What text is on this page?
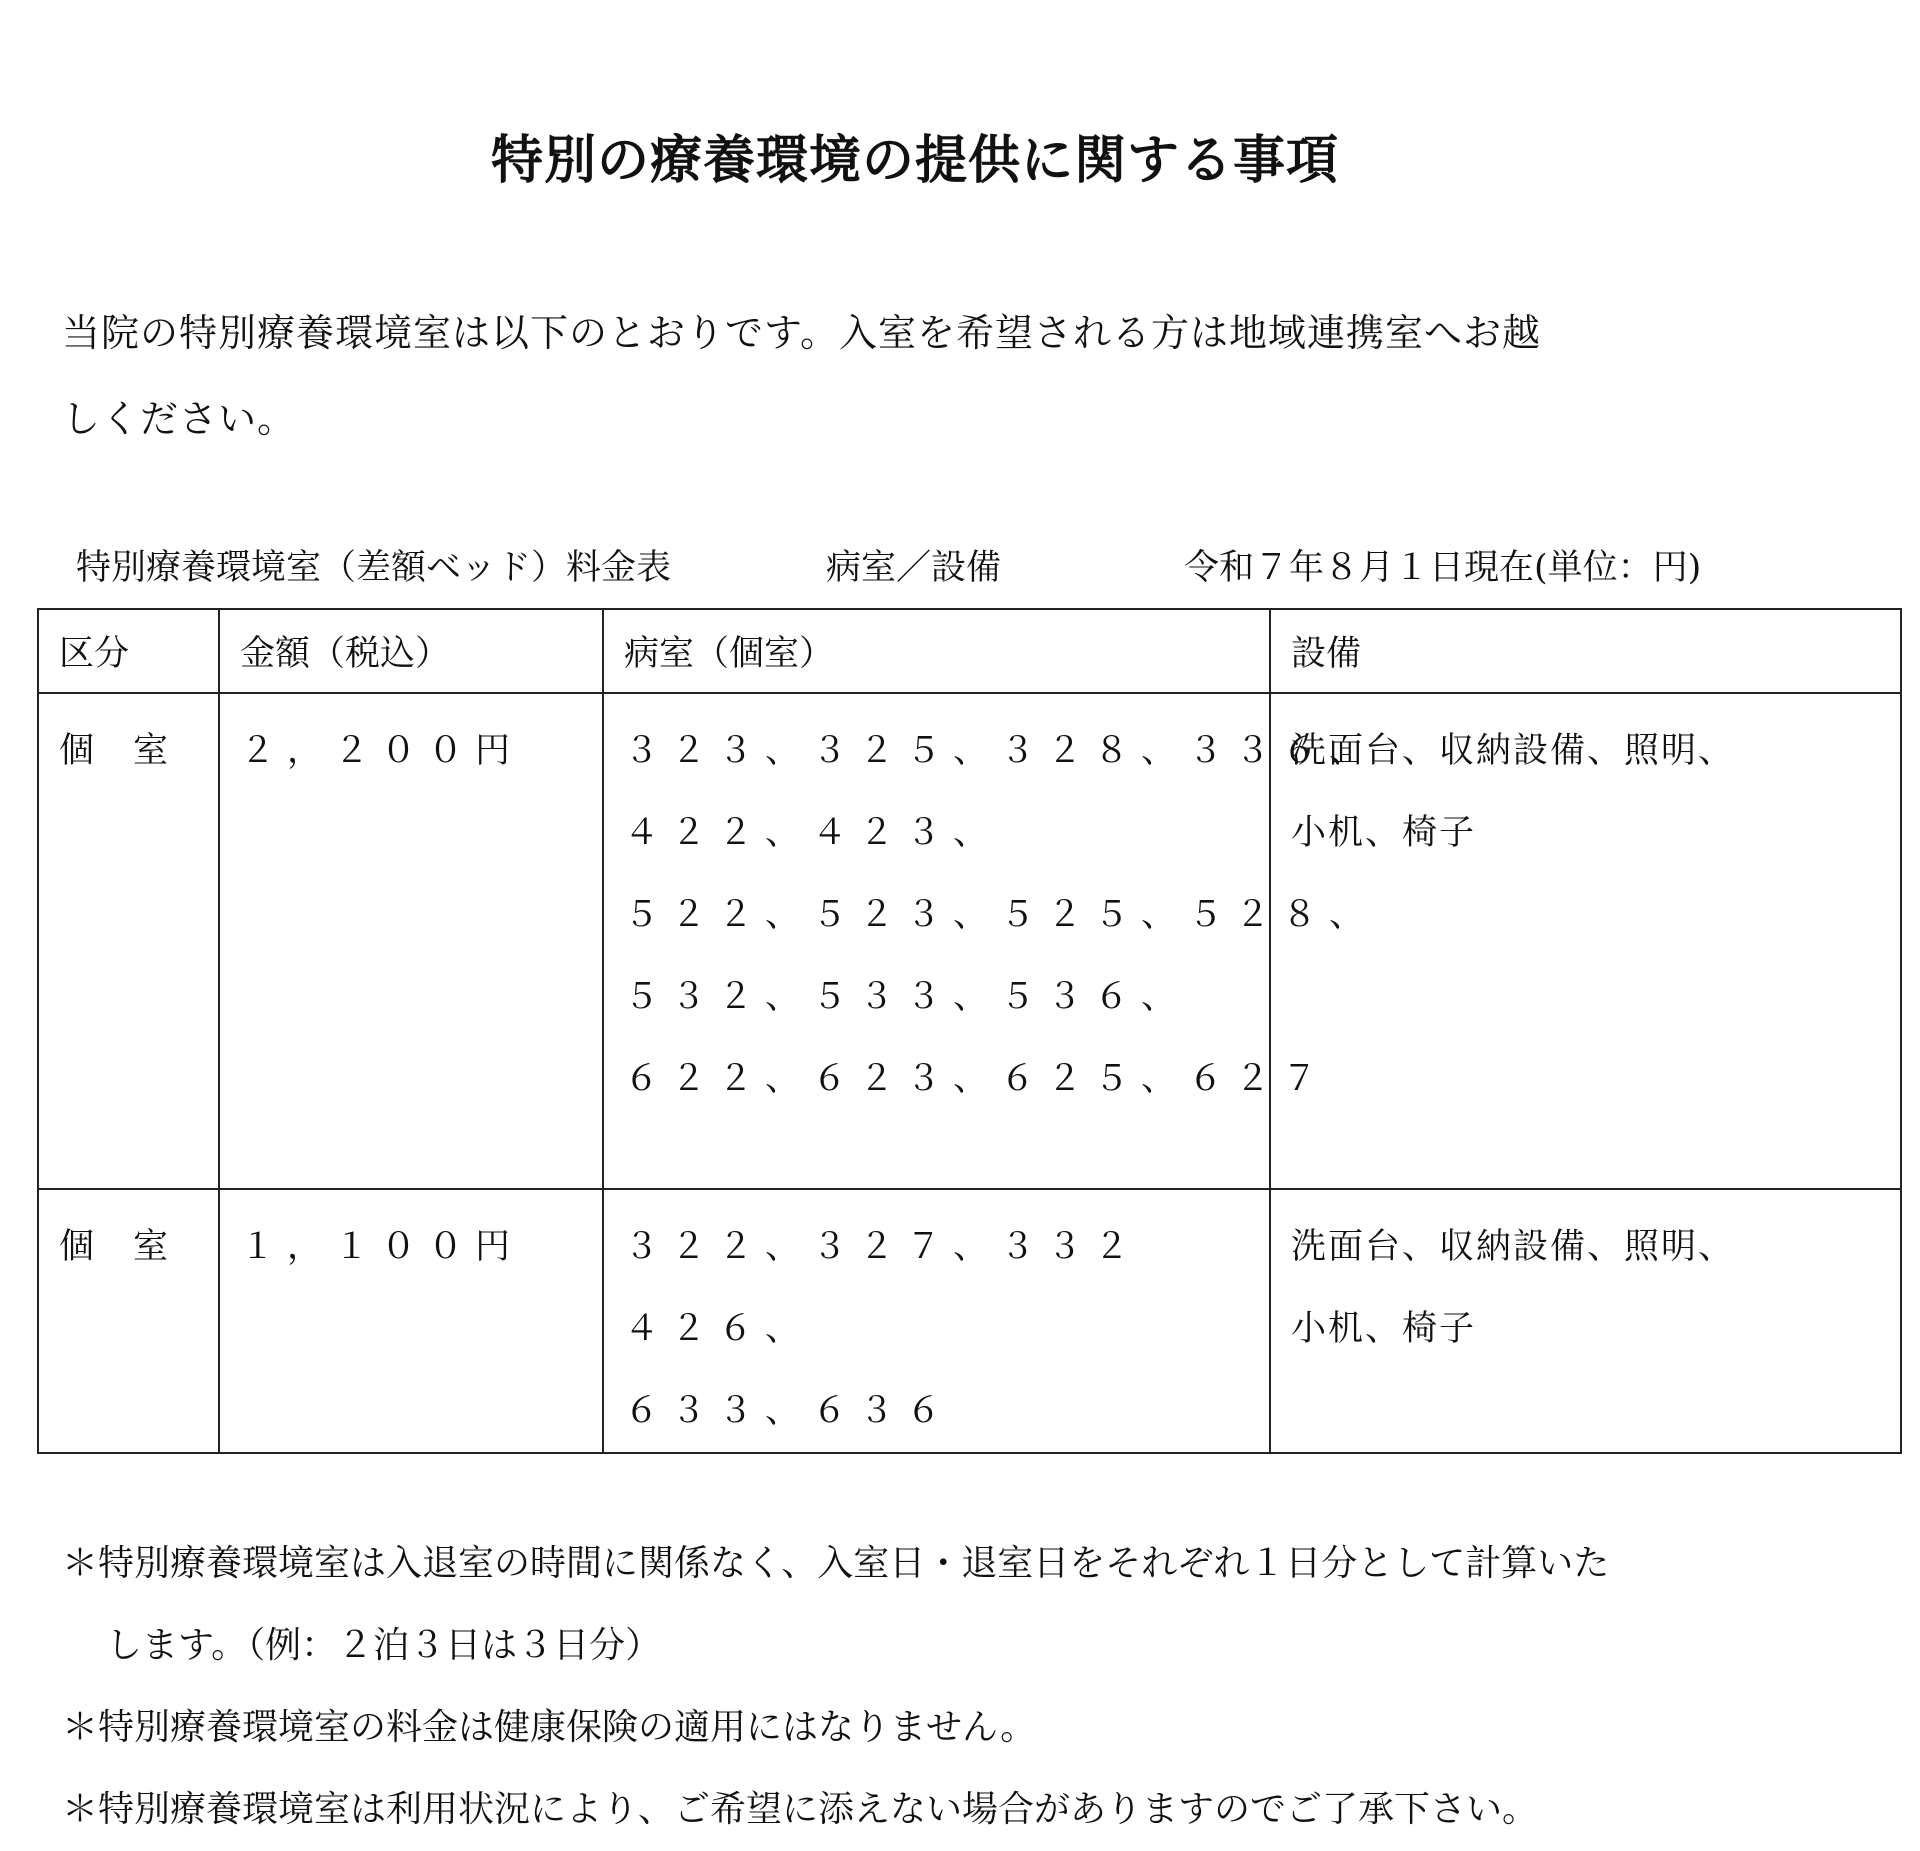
特別の療養環境の提供に関する事項
当院の特別療養環境室は以下のとおりです。入室を希望される方は地域連携室へお越
しください。
特別療養環境室（差額ベッド）料金表	病室／設備	令和７年８月１日現在(単位：円)
区分	金額（税込）	病室（個室）	設備

個　室	２，２００円	３２３、３２５、３２８、３３６、
４２２、４２３、
５２２、５２３、５２５、５２８、
５３２、５３３、５３６、
６２２、６２３、６２５、６２７	洗面台、収納設備、照明、
小机、椅子

個　室	１，１００円	３２２、３２７、３３２
４２６、
６３３、６３６	洗面台、収納設備、照明、
小机、椅子
＊特別療養環境室は入退室の時間に関係なく、入室日・退室日をそれぞれ１日分として計算いた
します。（例：２泊３日は３日分）
＊特別療養環境室の料金は健康保険の適用にはなりません。
＊特別療養環境室は利用状況により、ご希望に添えない場合がありますのでご了承下さい。
